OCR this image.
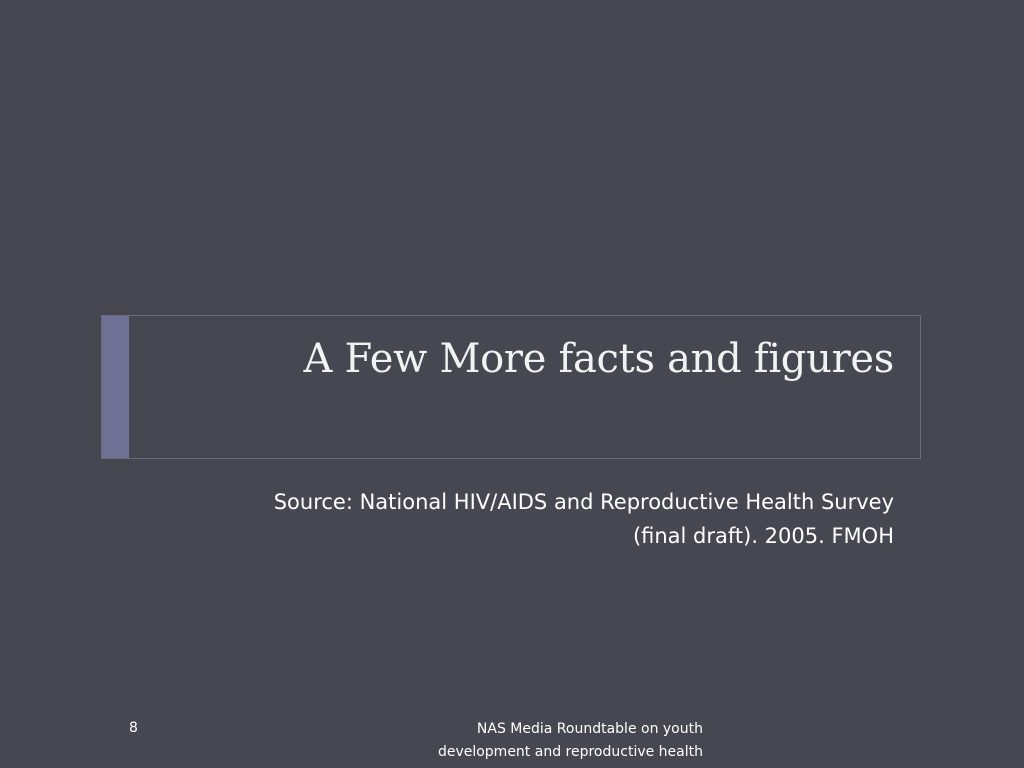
A Few More facts and figures
Source: National HIV/AIDS and Reproductive Health Survey
(final draft). 2005. FMOH
8	NAS Media Roundtable on youth
development and reproductive health
